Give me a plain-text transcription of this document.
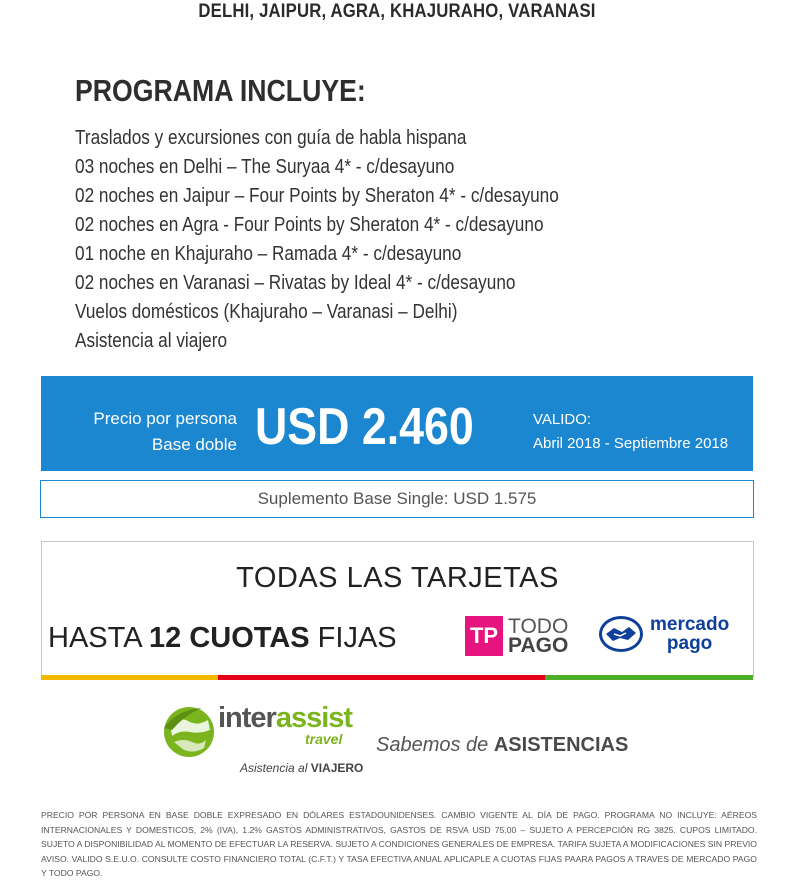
DELHI, JAIPUR, AGRA, KHAJURAHO, VARANASI
PROGRAMA INCLUYE:
Traslados y excursiones con guía de habla hispana
03 noches en Delhi – The Suryaa 4* - c/desayuno
02 noches en Jaipur – Four Points by Sheraton 4* - c/desayuno
02 noches en Agra - Four Points by Sheraton 4* - c/desayuno
01 noche en Khajuraho – Ramada 4* - c/desayuno
02 noches en Varanasi – Rivatas by Ideal 4* - c/desayuno
Vuelos domésticos (Khajuraho – Varanasi – Delhi)
Asistencia al viajero
Precio por persona
Base doble USD 2.460	VALIDO:
Abril 2018 - Septiembre 2018
Suplemento Base Single: USD 1.575
TODAS LAS TARJETAS
HASTA 12 CUOTAS FIJAS	TP TODO
PAGO
mercado
pago
interassist
travel
Asistencia al VIAJERO
Sabemos de ASISTENCIAS
PRECIO POR PERSONA EN BASE DOBLE EXPRESADO EN DÓLARES ESTADOUNIDENSES. CAMBIO VIGENTE AL DÍA DE PAGO. PROGRAMA NO INCLUYE: AÉREOS INTERNACIONALES Y DOMESTICOS, 2% (IVA), 1.2% GASTOS ADMINISTRATIVOS, GASTOS DE RSVA USD 75.00 – SUJETO A PERCEPCIÓN RG 3825. CUPOS LIMITADO. SUJETO A DISPONIBILIDAD AL MOMENTO DE EFECTUAR LA RESERVA. SUJETO A CONDICIONES GENERALES DE EMPRESA. TARIFA SUJETA A MODIFICACIONES SIN PREVIO AVISO. VALIDO S.E.U.O. CONSULTE COSTO FINANCIERO TOTAL (C.F.T.) Y TASA EFECTIVA ANUAL APLICAPLE A CUOTAS FIJAS PAARA PAGOS A TRAVES DE MERCADO PAGO Y TODO PAGO.
